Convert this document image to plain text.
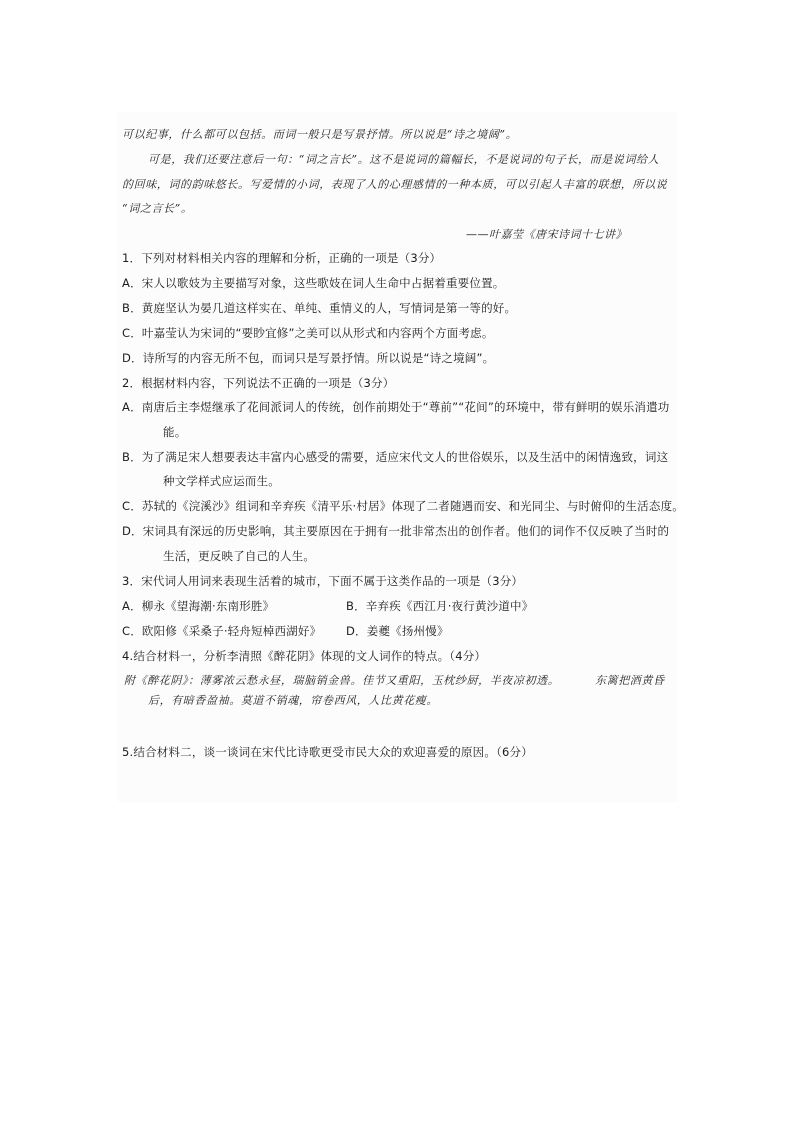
可以纪事，什么都可以包括。而词一般只是写景抒情。所以说是“诗之境阔”。
可是，我们还要注意后一句：“词之言长”。这不是说词的篇幅长，不是说词的句子长，而是说词给人
的回味，词的韵味悠长。写爱情的小词，表现了人的心理感情的一种本质，可以引起人丰富的联想，所以说
“词之言长”。
——叶嘉莹《唐宋诗词十七讲》
1．下列对材料相关内容的理解和分析，正确的一项是（3分）
A．宋人以歌妓为主要描写对象，这些歌妓在词人生命中占据着重要位置。
B．黄庭坚认为晏几道这样实在、单纯、重情义的人，写情词是第一等的好。
C．叶嘉莹认为宋词的“要眇宜修”之美可以从形式和内容两个方面考虑。
D．诗所写的内容无所不包，而词只是写景抒情。所以说是“诗之境阔”。
2．根据材料内容，下列说法不正确的一项是（3分）
A．南唐后主李煜继承了花间派词人的传统，创作前期处于“尊前”“花间”的环境中，带有鲜明的娱乐消遣功
能。
B．为了满足宋人想要表达丰富内心感受的需要，适应宋代文人的世俗娱乐，以及生活中的闲情逸致，词这
种文学样式应运而生。
C．苏轼的《浣溪沙》组词和辛弃疾《清平乐·村居》体现了二者随遇而安、和光同尘、与时俯仰的生活态度。
D．宋词具有深远的历史影响，其主要原因在于拥有一批非常杰出的创作者。他们的词作不仅反映了当时的
生活，更反映了自己的人生。
3．宋代词人用词来表现生活着的城市，下面不属于这类作品的一项是（3分）
A．柳永《望海潮·东南形胜》	B．辛弃疾《西江月·夜行黄沙道中》
C．欧阳修《采桑子·轻舟短棹西湖好》 D．姜夔《扬州慢》
4.结合材料一，分析李清照《醉花阴》体现的文人词作的特点。（4分）
附《醉花阴》：薄雾浓云愁永昼，瑞脑销金兽。佳节又重阳，玉枕纱厨，半夜凉初透。	东篱把酒黄昏
后，有暗香盈袖。莫道不销魂，帘卷西风，人比黄花瘦。
5.结合材料二，谈一谈词在宋代比诗歌更受市民大众的欢迎喜爱的原因。（6分）
